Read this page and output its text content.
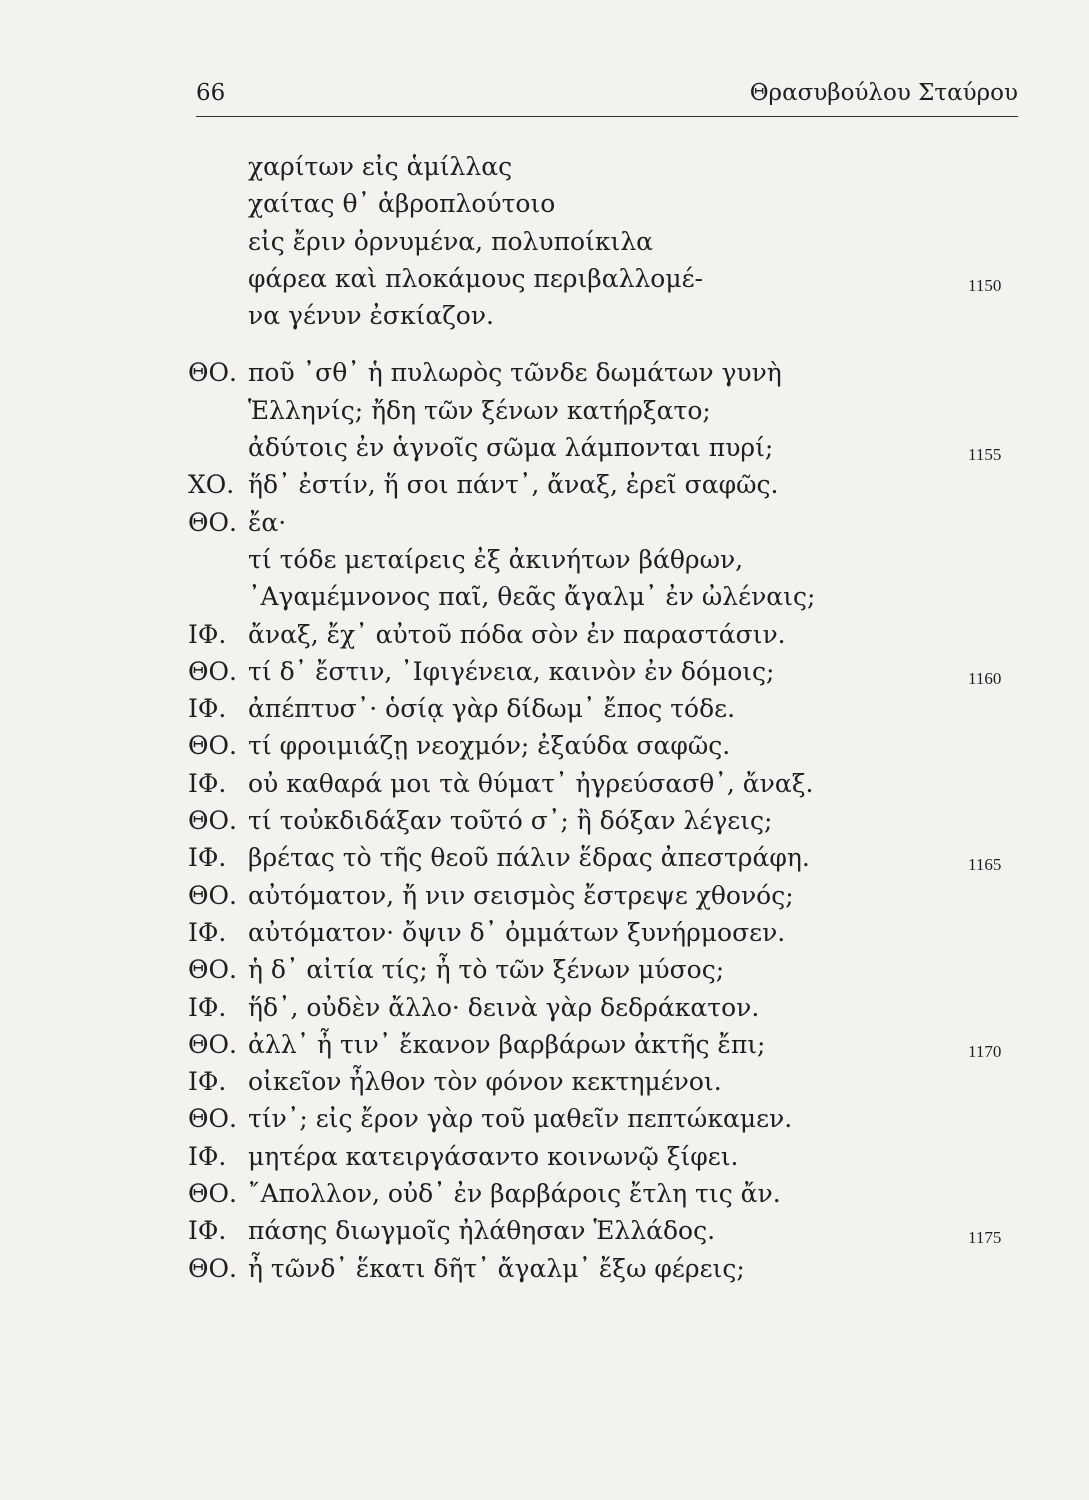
66	Θρασυβούλου Σταύρου
χαρίτων εἰς ἁμίλλας
χαίτας θ᾽ ἁβροπλούτοιο
εἰς ἔριν ὀρνυμένα, πολυποίκιλα
φάρεα καὶ πλοκάμους περιβαλλομέ-	1150
να γένυν ἐσκίαζον.
ΘΟ. ποῦ ᾽σθ᾽ ἡ πυλωρὸς τῶνδε δωμάτων γυνὴ
Ἑλληνίς; ἤδη τῶν ξένων κατήρξατο;
ἀδύτοις ἐν ἁγνοῖς σῶμα λάμπονται πυρί;	1155
ΧΟ. ἥδ᾽ ἐστίν, ἥ σοι πάντ᾽, ἄναξ, ἐρεῖ σαφῶς.
ΘΟ. ἔα·
τί τόδε μεταίρεις ἐξ ἀκινήτων βάθρων,
᾽Αγαμέμνονος παῖ, θεᾶς ἄγαλμ᾽ ἐν ὠλέναις;
ΙΦ. ἄναξ, ἔχ᾽ αὐτοῦ πόδα σὸν ἐν παραστάσιν.
ΘΟ. τί δ᾽ ἔστιν, ᾽Ιφιγένεια, καινὸν ἐν δόμοις;	1160
ΙΦ. ἀπέπτυσ᾽· ὁσίᾳ γὰρ δίδωμ᾽ ἔπος τόδε.
ΘΟ. τί φροιμιάζῃ νεοχμόν; ἐξαύδα σαφῶς.
ΙΦ. οὐ καθαρά μοι τὰ θύματ᾽ ἠγρεύσασθ᾽, ἄναξ.
ΘΟ. τί τοὐκδιδάξαν τοῦτό σ᾽; ἢ δόξαν λέγεις;
ΙΦ. βρέτας τὸ τῆς θεοῦ πάλιν ἕδρας ἀπεστράφη.	1165
ΘΟ. αὐτόματον, ἤ νιν σεισμὸς ἔστρεψε χθονός;
ΙΦ. αὐτόματον· ὄψιν δ᾽ ὀμμάτων ξυνήρμοσεν.
ΘΟ. ἡ δ᾽ αἰτία τίς; ἦ τὸ τῶν ξένων μύσος;
ΙΦ. ἥδ᾽, οὐδὲν ἄλλο· δεινὰ γὰρ δεδράκατον.
ΘΟ. ἀλλ᾽ ἦ τιν᾽ ἔκανον βαρβάρων ἀκτῆς ἔπι;	1170
ΙΦ. οἰκεῖον ἦλθον τὸν φόνον κεκτημένοι.
ΘΟ. τίν᾽; εἰς ἔρον γὰρ τοῦ μαθεῖν πεπτώκαμεν.
ΙΦ. μητέρα κατειργάσαντο κοινωνῷ ξίφει.
ΘΟ. ῎Απολλον, οὐδ᾽ ἐν βαρβάροις ἔτλη τις ἄν.
ΙΦ. πάσης διωγμοῖς ἠλάθησαν Ἑλλάδος.	1175
ΘΟ. ἦ τῶνδ᾽ ἕκατι δῆτ᾽ ἄγαλμ᾽ ἔξω φέρεις;
